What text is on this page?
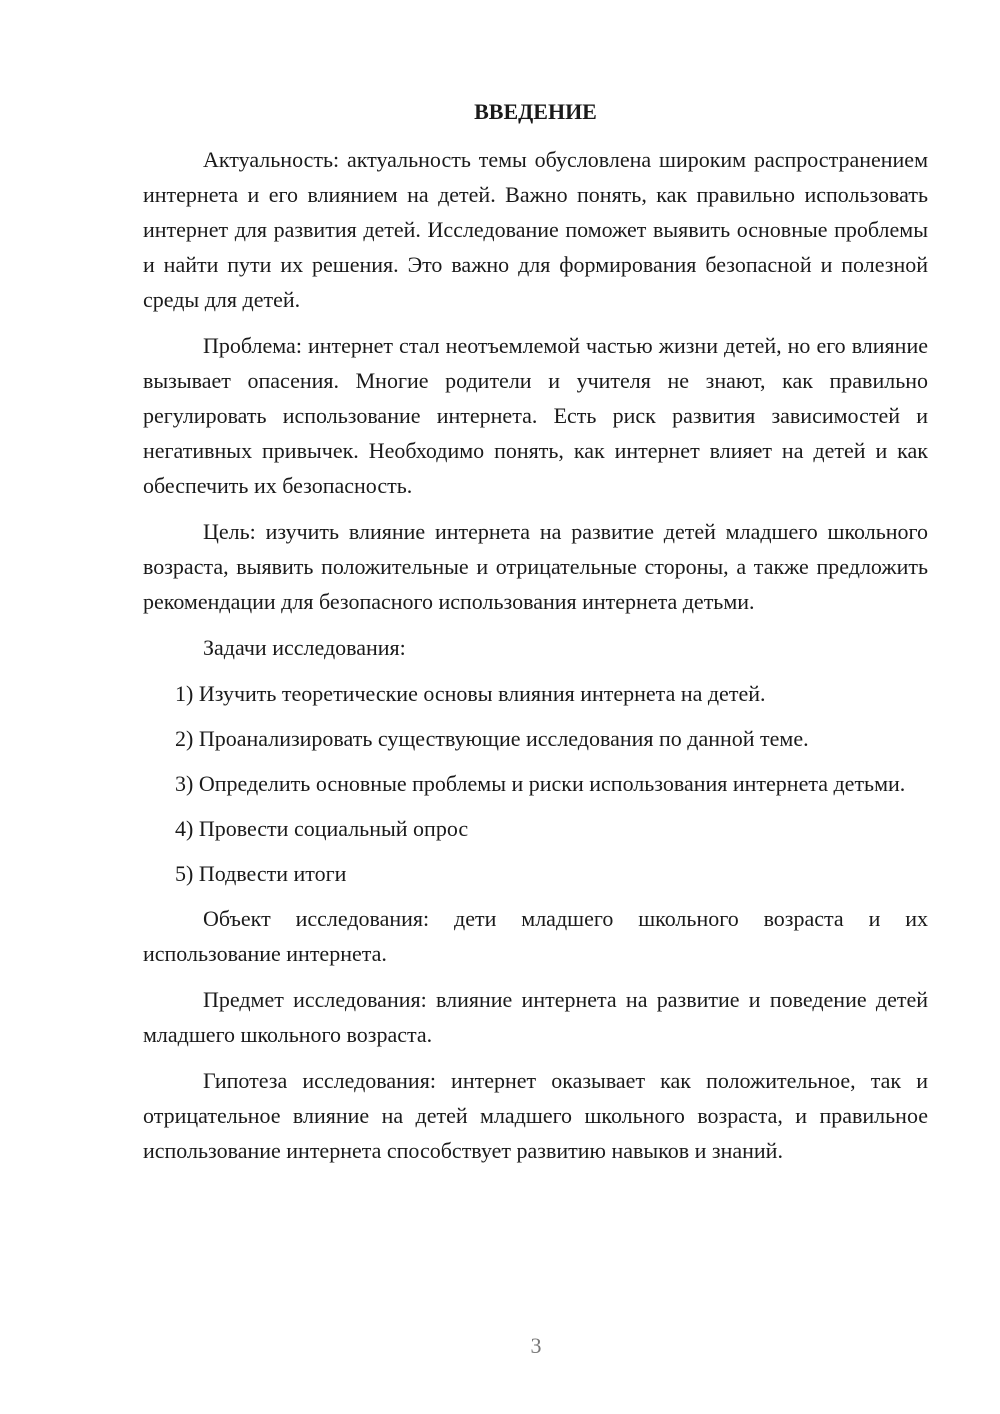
ВВЕДЕНИЕ

Актуальность: актуальность темы обусловлена широким распространением интернета и его влиянием на детей. Важно понять, как правильно использовать интернет для развития детей. Исследование поможет выявить основные проблемы и найти пути их решения. Это важно для формирования безопасной и полезной среды для детей.

Проблема: интернет стал неотъемлемой частью жизни детей, но его влияние вызывает опасения. Многие родители и учителя не знают, как правильно регулировать использование интернета. Есть риск развития зависимостей и негативных привычек. Необходимо понять, как интернет влияет на детей и как обеспечить их безопасность.

Цель: изучить влияние интернета на развитие детей младшего школьного возраста, выявить положительные и отрицательные стороны, а также предложить рекомендации для безопасного использования интернета детьми.

Задачи исследования:

1) Изучить теоретические основы влияния интернета на детей.

2) Проанализировать существующие исследования по данной теме.

3) Определить основные проблемы и риски использования интернета детьми.

4) Провести социальный опрос

5) Подвести итоги

Объект исследования: дети младшего школьного возраста и их использование интернета.

Предмет исследования: влияние интернета на развитие и поведение детей младшего школьного возраста.

Гипотеза исследования: интернет оказывает как положительное, так и отрицательное влияние на детей младшего школьного возраста, и правильное использование интернета способствует развитию навыков и знаний.

3
